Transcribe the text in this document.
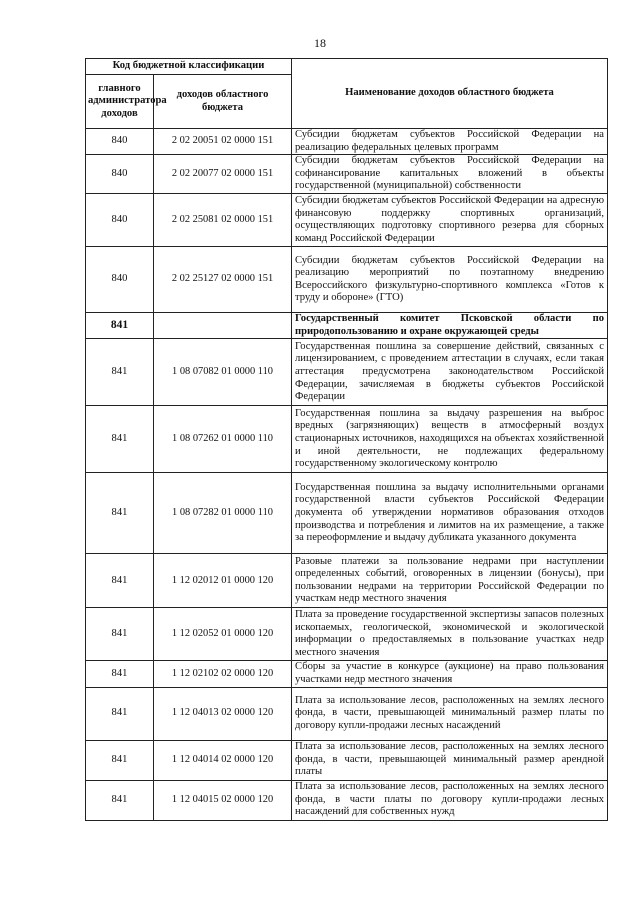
18
Код бюджетной классификации		Наименование доходов областного бюджета
главного администратора доходов	доходов областного бюджета	
840	2 02 20051 02 0000 151	Субсидии бюджетам субъектов Российской Федерации на реализацию федеральных целевых программ
840	2 02 20077 02 0000 151	Субсидии бюджетам субъектов Российской Федерации на софинансирование капитальных вложений в объекты государственной (муниципальной) собственности
840	2 02 25081 02 0000 151	Субсидии бюджетам субъектов Российской Федерации на адресную финансовую поддержку спортивных организаций, осуществляющих подготовку спортивного резерва для сборных команд Российской Федерации
840	2 02 25127 02 0000 151	Субсидии бюджетам субъектов Российской Федерации на реализацию мероприятий по поэтапному внедрению Всероссийского физкультурно-спортивного комплекса «Готов к труду и обороне» (ГТО)
841		Государственный комитет Псковской области по природопользованию и охране окружающей среды
841	1 08 07082 01 0000 110	Государственная пошлина за совершение действий, связанных с лицензированием, с проведением аттестации в случаях, если такая аттестация предусмотрена законодательством Российской Федерации, зачисляемая в бюджеты субъектов Российской Федерации
841	1 08 07262 01 0000 110	Государственная пошлина за выдачу разрешения на выброс вредных (загрязняющих) веществ в атмосферный воздух стационарных источников, находящихся на объектах хозяйственной и иной деятельности, не подлежащих федеральному государственному экологическому контролю
841	1 08 07282 01 0000 110	Государственная пошлина за выдачу исполнительными органами государственной власти субъектов Российской Федерации документа об утверждении нормативов образования отходов производства и потребления и лимитов на их размещение, а также за переоформление и выдачу дубликата указанного документа
841	1 12 02012 01 0000 120	Разовые платежи за пользование недрами при наступлении определенных событий, оговоренных в лицензии (бонусы), при пользовании недрами на территории Российской Федерации по участкам недр местного значения
841	1 12 02052 01 0000 120	Плата за проведение государственной экспертизы запасов полезных ископаемых, геологической, экономической и экологической информации о предоставляемых в пользование участках недр местного значения
841	1 12 02102 02 0000 120	Сборы за участие в конкурсе (аукционе) на право пользования участками недр местного значения
841	1 12 04013 02 0000 120	Плата за использование лесов, расположенных на землях лесного фонда, в части, превышающей минимальный размер платы по договору купли-продажи лесных насаждений
841	1 12 04014 02 0000 120	Плата за использование лесов, расположенных на землях лесного фонда, в части, превышающей минимальный размер арендной платы
841	1 12 04015 02 0000 120	Плата за использование лесов, расположенных на землях лесного фонда, в части платы по договору купли-продажи лесных насаждений для собственных нужд
